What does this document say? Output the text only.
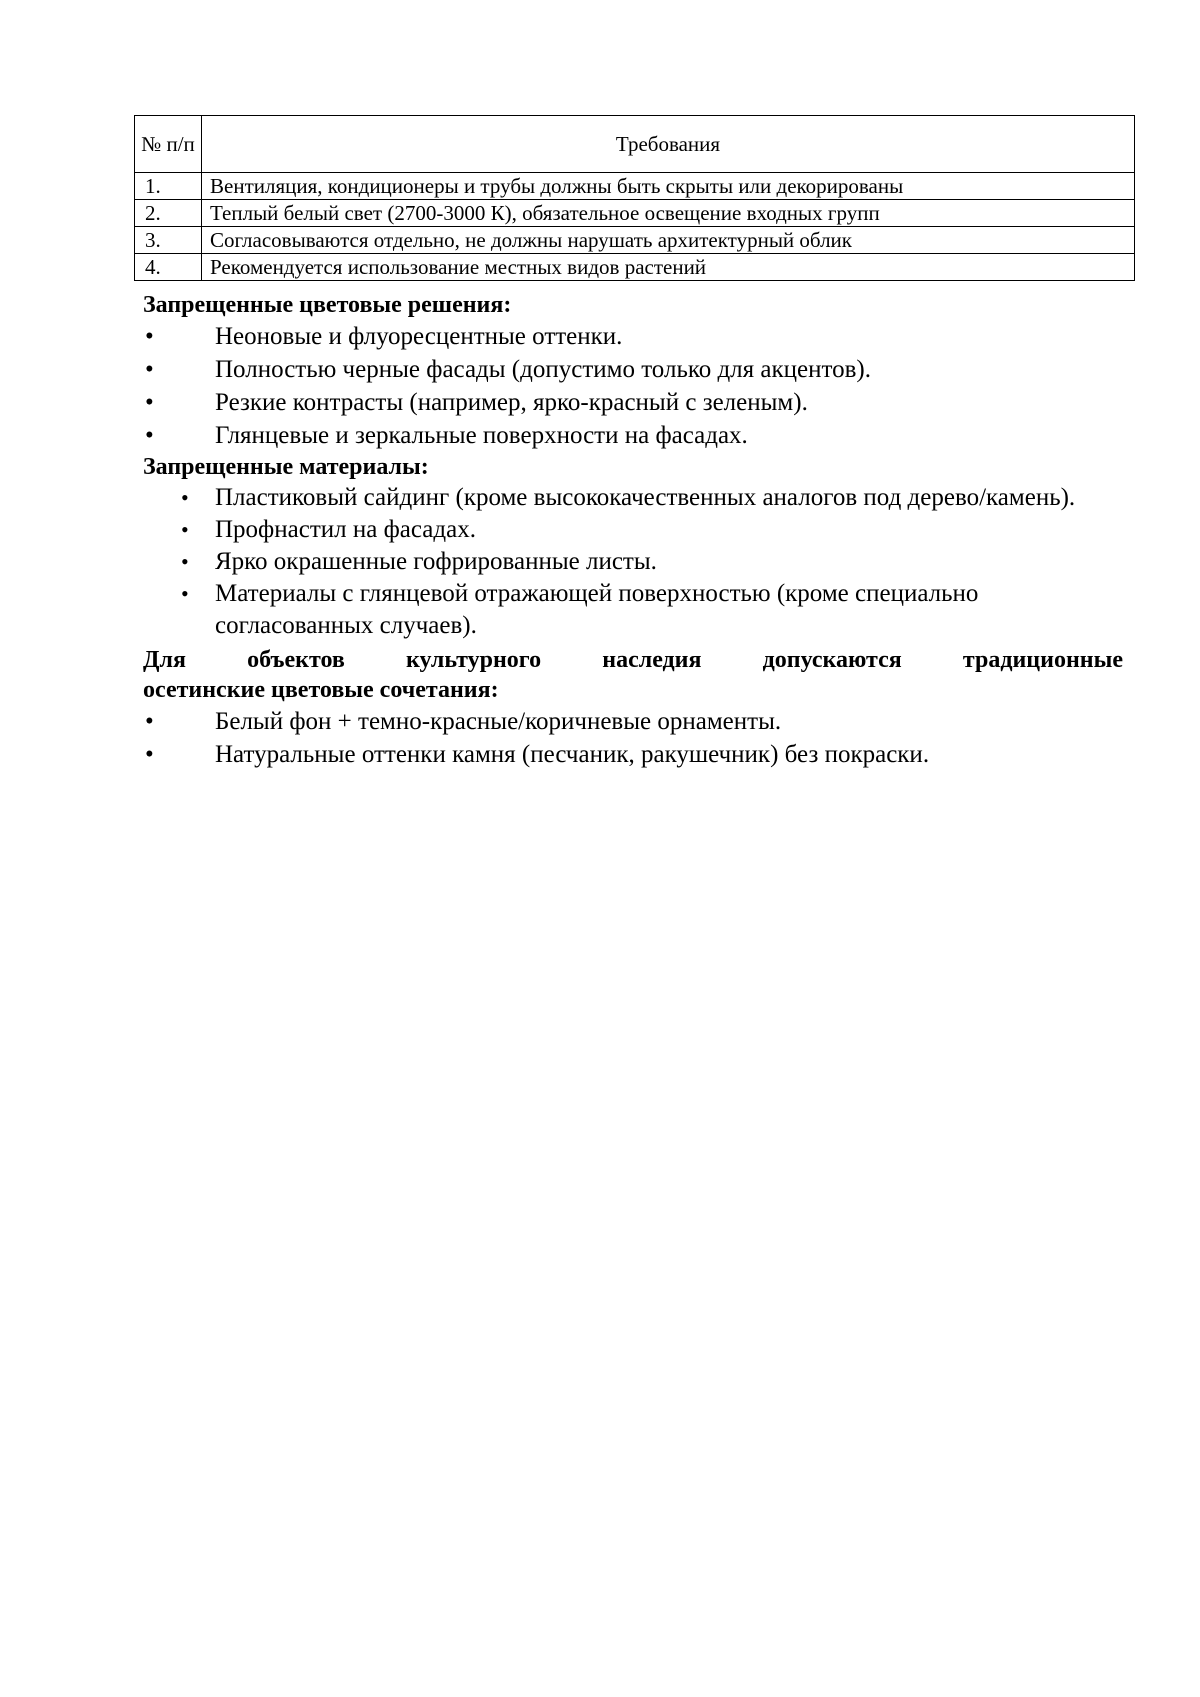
№ п/п	Требования
1.	Вентиляция, кондиционеры и трубы должны быть скрыты или декорированы
2.	Теплый белый свет (2700-3000 К), обязательное освещение входных групп
3.	Согласовываются отдельно, не должны нарушать архитектурный облик
4.	Рекомендуется использование местных видов растений

Запрещенные цветовые решения:

• Неоновые и флуоресцентные оттенки.
• Полностью черные фасады (допустимо только для акцентов).
• Резкие контрасты (например, ярко-красный с зеленым).
• Глянцевые и зеркальные поверхности на фасадах.

Запрещенные материалы:

• Пластиковый сайдинг (кроме высококачественных аналогов под дерево/камень).
• Профнастил на фасадах.
• Ярко окрашенные гофрированные листы.
• Материалы с глянцевой отражающей поверхностью (кроме специально согласованных случаев).
Для	объектов	культурного	наследия	допускаются	традиционные
осетинские цветовые сочетания:
• Белый фон + темно-красные/коричневые орнаменты.
• Натуральные оттенки камня (песчаник, ракушечник) без покраски.
